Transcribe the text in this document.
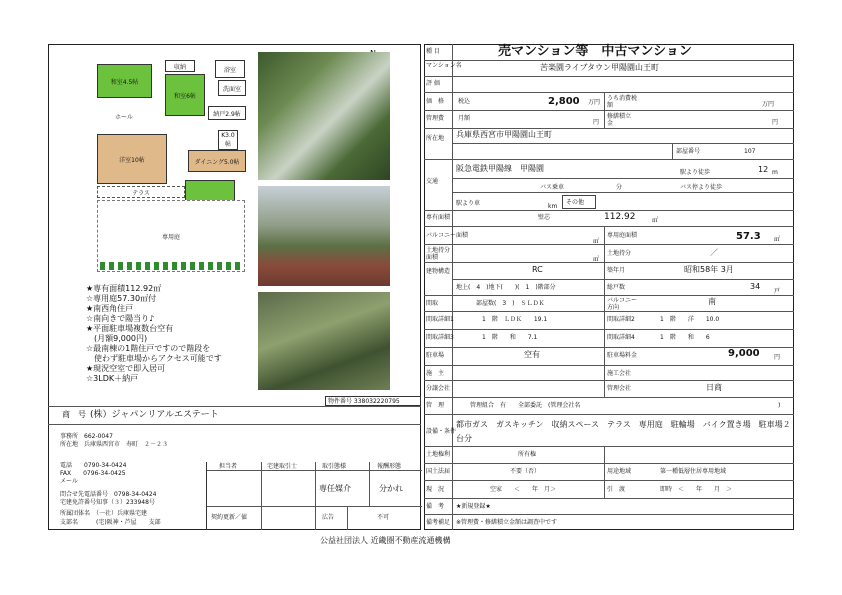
和室4.5帖
収納
和室6帖
浴室
洗面室
ホール	納戸2.9帖
K3.0帖
洋室10帖	ダイニング5.0帖
テラス
専用庭
★専有面積112.92㎡
☆専用庭57.30㎡付
★南西角住戸
☆南向きで陽当り♪
★平面駐車場複数台空有
　(月額9,000円)
☆最南棟の1階住戸ですので階段を
　使わず駐車場からアクセス可能です
★現況空室で即入居可
☆3LDK＋納戸
物件番号 338032220795
商　号 (株）ジャパンリアルエステート
事務所　662-0047
所在地　兵庫県西宮市　寿町　２－２３
電話　　0790-34-0424
FAX　　0796-34-0425
メール
問合せ先電話番号　0798-34-0424
宅建免許番号知事（３）233948号
所属団体名　（一社）兵庫県宅建
支部名　　　(宅)阪神・芦屋　　支部
担当者	宅建取引士	取引態様	報酬形態
専任媒介	分かれ
契約更新／値	広告	不可
種 目	売マンション等　中古マンション
マンション名	苦楽園ライブタウン甲陽園山王町
評 価
価　格 税込	2,800 万円
うち消費税額	万円
管理費 月額
円
修繕積立金	円
所在地	兵庫県西宮市甲陽園山王町
部屋番号	107
交通
阪急電鉄甲陽線　甲陽園	駅より徒歩	12 m
バス乗車	分	バス停より徒歩
駅より車	km
その他
専有面積	壁芯	112.92	㎡
バルコニー面積
㎡
専用庭面積	57.3 ㎡
土地持分面積	㎡
土地持分	／
建物構造	RC	築年月	昭和58年 3月
地上(　4　)地下(　　)(　1　)階部分	総戸数	34
戸
間取	部屋数(　3　)　ＳＬＤＫ	バルコニー方向
南
間取詳細1	1　階　ＬＤＫ　　19.1	間取詳細2	1　階　　洋　　10.0
間取詳細3	1　階　　和　　7.1	間取詳細4	1　階　　和　　6
駐車場	空有	駐車場料金	9,000 円
施　主	施工会社
分譲会社	管理会社	日商
管　理	管理組合　有　　全部委託　(管理会社名	)
設備・条件
都市ガス　ガスキッチン　収納スペース　テラス　専用庭　駐輪場　バイク置き場　駐車場２台分
土地権利	所有権
国土法届	不要（否）	用途地域	第一種低層住居専用地域
現　況	空家　　＜　　年　月＞	引　渡	即時　＜　　年　　月　＞
備　考 ★新規登録★
備考補足 ※管理費・修繕積立金額は調査中です
公益社団法人 近畿圏不動産流通機構
